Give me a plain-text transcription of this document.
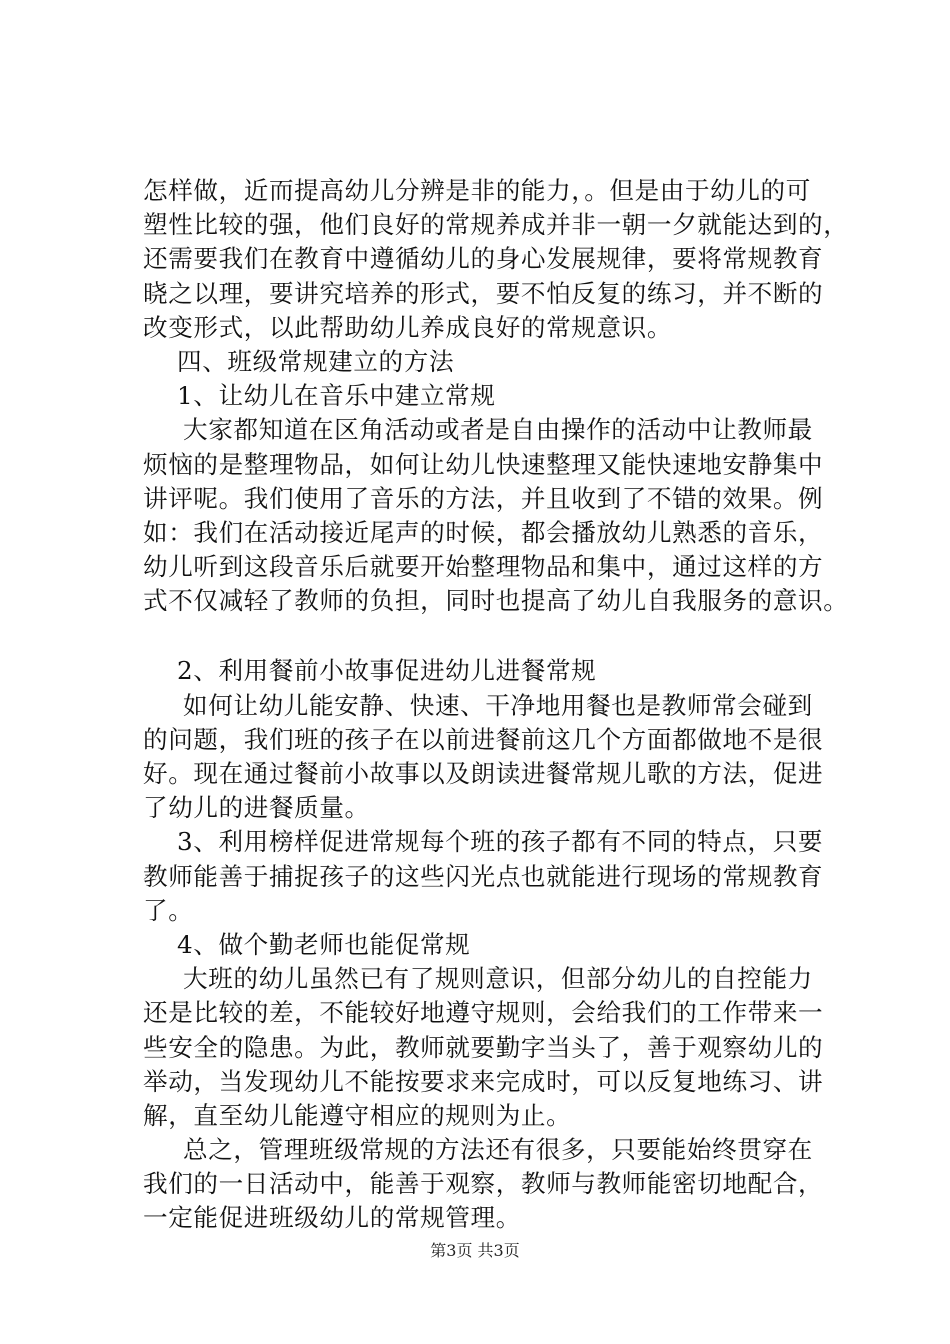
怎样做，近而提高幼儿分辨是非的能力，。但是由于幼儿的可
塑性比较的强，他们良好的常规养成并非一朝一夕就能达到的，
还需要我们在教育中遵循幼儿的身心发展规律，要将常规教育
晓之以理，要讲究培养的形式，要不怕反复的练习，并不断的
改变形式，以此帮助幼儿养成良好的常规意识。
四、班级常规建立的方法
1、让幼儿在音乐中建立常规
大家都知道在区角活动或者是自由操作的活动中让教师最
烦恼的是整理物品，如何让幼儿快速整理又能快速地安静集中
讲评呢。我们使用了音乐的方法，并且收到了不错的效果。例
如：我们在活动接近尾声的时候，都会播放幼儿熟悉的音乐，
幼儿听到这段音乐后就要开始整理物品和集中，通过这样的方
式不仅减轻了教师的负担，同时也提高了幼儿自我服务的意识。
2、利用餐前小故事促进幼儿进餐常规
如何让幼儿能安静、快速、干净地用餐也是教师常会碰到
的问题，我们班的孩子在以前进餐前这几个方面都做地不是很
好。现在通过餐前小故事以及朗读进餐常规儿歌的方法，促进
了幼儿的进餐质量。
3、利用榜样促进常规每个班的孩子都有不同的特点，只要
教师能善于捕捉孩子的这些闪光点也就能进行现场的常规教育
了。
4、做个勤老师也能促常规
大班的幼儿虽然已有了规则意识，但部分幼儿的自控能力
还是比较的差，不能较好地遵守规则，会给我们的工作带来一
些安全的隐患。为此，教师就要勤字当头了，善于观察幼儿的
举动，当发现幼儿不能按要求来完成时，可以反复地练习、讲
解，直至幼儿能遵守相应的规则为止。
总之，管理班级常规的方法还有很多，只要能始终贯穿在
我们的一日活动中，能善于观察，教师与教师能密切地配合，
一定能促进班级幼儿的常规管理。
第3页 共3页
